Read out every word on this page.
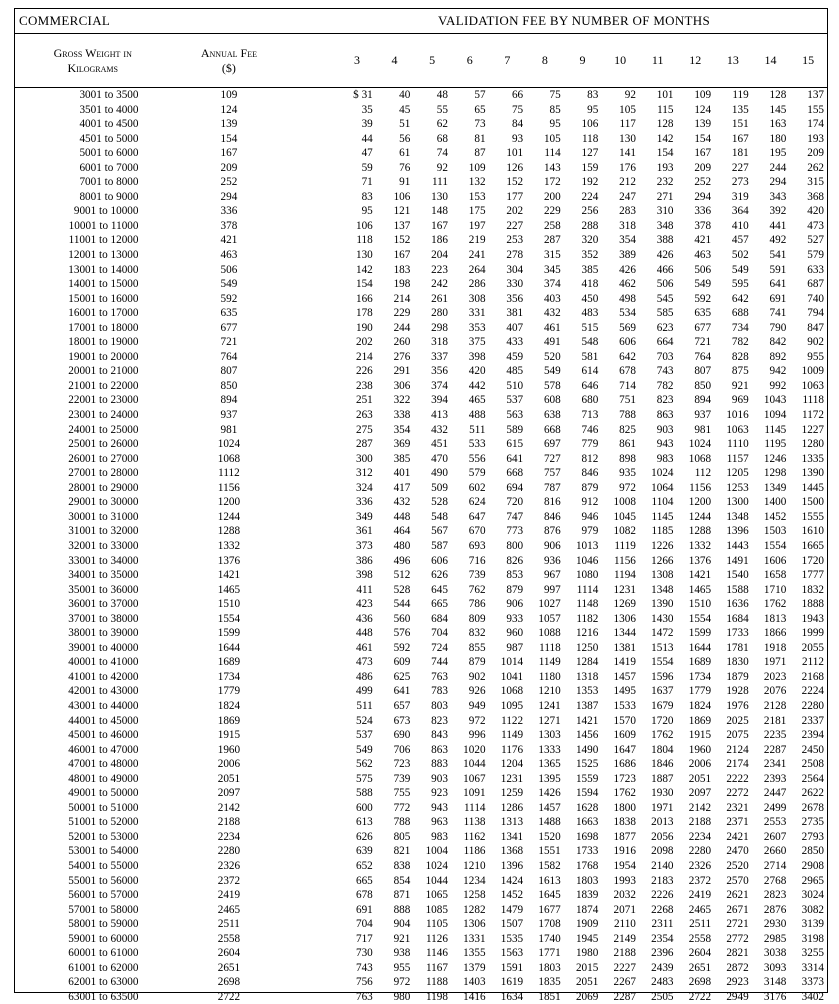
COMMERCIAL	VALIDATION FEE BY NUMBER OF MONTHS
Gross Weight in
Kilograms	Annual Fee
($)		3	4	5	6	7	8	9	10	11	12	13	14	15
3001 to 3500	109		$ 31	40	48	57	66	75	83	92	101	109	119	128	137
3501 to 4000	124		35	45	55	65	75	85	95	105	115	124	135	145	155
4001 to 4500	139		39	51	62	73	84	95	106	117	128	139	151	163	174
4501 to 5000	154		44	56	68	81	93	105	118	130	142	154	167	180	193
5001 to 6000	167		47	61	74	87	101	114	127	141	154	167	181	195	209
6001 to 7000	209		59	76	92	109	126	143	159	176	193	209	227	244	262
7001 to 8000	252		71	91	111	132	152	172	192	212	232	252	273	294	315
8001 to 9000	294		83	106	130	153	177	200	224	247	271	294	319	343	368
9001 to 10000	336		95	121	148	175	202	229	256	283	310	336	364	392	420
10001 to 11000	378		106	137	167	197	227	258	288	318	348	378	410	441	473
11001 to 12000	421		118	152	186	219	253	287	320	354	388	421	457	492	527
12001 to 13000	463		130	167	204	241	278	315	352	389	426	463	502	541	579
13001 to 14000	506		142	183	223	264	304	345	385	426	466	506	549	591	633
14001 to 15000	549		154	198	242	286	330	374	418	462	506	549	595	641	687
15001 to 16000	592		166	214	261	308	356	403	450	498	545	592	642	691	740
16001 to 17000	635		178	229	280	331	381	432	483	534	585	635	688	741	794
17001 to 18000	677		190	244	298	353	407	461	515	569	623	677	734	790	847
18001 to 19000	721		202	260	318	375	433	491	548	606	664	721	782	842	902
19001 to 20000	764		214	276	337	398	459	520	581	642	703	764	828	892	955
20001 to 21000	807		226	291	356	420	485	549	614	678	743	807	875	942	1009
21001 to 22000	850		238	306	374	442	510	578	646	714	782	850	921	992	1063
22001 to 23000	894		251	322	394	465	537	608	680	751	823	894	969	1043	1118
23001 to 24000	937		263	338	413	488	563	638	713	788	863	937	1016	1094	1172
24001 to 25000	981		275	354	432	511	589	668	746	825	903	981	1063	1145	1227
25001 to 26000	1024		287	369	451	533	615	697	779	861	943	1024	1110	1195	1280
26001 to 27000	1068		300	385	470	556	641	727	812	898	983	1068	1157	1246	1335
27001 to 28000	1112		312	401	490	579	668	757	846	935	1024	112	1205	1298	1390
28001 to 29000	1156		324	417	509	602	694	787	879	972	1064	1156	1253	1349	1445
29001 to 30000	1200		336	432	528	624	720	816	912	1008	1104	1200	1300	1400	1500
30001 to 31000	1244		349	448	548	647	747	846	946	1045	1145	1244	1348	1452	1555
31001 to 32000	1288		361	464	567	670	773	876	979	1082	1185	1288	1396	1503	1610
32001 to 33000	1332		373	480	587	693	800	906	1013	1119	1226	1332	1443	1554	1665
33001 to 34000	1376		386	496	606	716	826	936	1046	1156	1266	1376	1491	1606	1720
34001 to 35000	1421		398	512	626	739	853	967	1080	1194	1308	1421	1540	1658	1777
35001 to 36000	1465		411	528	645	762	879	997	1114	1231	1348	1465	1588	1710	1832
36001 to 37000	1510		423	544	665	786	906	1027	1148	1269	1390	1510	1636	1762	1888
37001 to 38000	1554		436	560	684	809	933	1057	1182	1306	1430	1554	1684	1813	1943
38001 to 39000	1599		448	576	704	832	960	1088	1216	1344	1472	1599	1733	1866	1999
39001 to 40000	1644		461	592	724	855	987	1118	1250	1381	1513	1644	1781	1918	2055
40001 to 41000	1689		473	609	744	879	1014	1149	1284	1419	1554	1689	1830	1971	2112
41001 to 42000	1734		486	625	763	902	1041	1180	1318	1457	1596	1734	1879	2023	2168
42001 to 43000	1779		499	641	783	926	1068	1210	1353	1495	1637	1779	1928	2076	2224
43001 to 44000	1824		511	657	803	949	1095	1241	1387	1533	1679	1824	1976	2128	2280
44001 to 45000	1869		524	673	823	972	1122	1271	1421	1570	1720	1869	2025	2181	2337
45001 to 46000	1915		537	690	843	996	1149	1303	1456	1609	1762	1915	2075	2235	2394
46001 to 47000	1960		549	706	863	1020	1176	1333	1490	1647	1804	1960	2124	2287	2450
47001 to 48000	2006		562	723	883	1044	1204	1365	1525	1686	1846	2006	2174	2341	2508
48001 to 49000	2051		575	739	903	1067	1231	1395	1559	1723	1887	2051	2222	2393	2564
49001 to 50000	2097		588	755	923	1091	1259	1426	1594	1762	1930	2097	2272	2447	2622
50001 to 51000	2142		600	772	943	1114	1286	1457	1628	1800	1971	2142	2321	2499	2678
51001 to 52000	2188		613	788	963	1138	1313	1488	1663	1838	2013	2188	2371	2553	2735
52001 to 53000	2234		626	805	983	1162	1341	1520	1698	1877	2056	2234	2421	2607	2793
53001 to 54000	2280		639	821	1004	1186	1368	1551	1733	1916	2098	2280	2470	2660	2850
54001 to 55000	2326		652	838	1024	1210	1396	1582	1768	1954	2140	2326	2520	2714	2908
55001 to 56000	2372		665	854	1044	1234	1424	1613	1803	1993	2183	2372	2570	2768	2965
56001 to 57000	2419		678	871	1065	1258	1452	1645	1839	2032	2226	2419	2621	2823	3024
57001 to 58000	2465		691	888	1085	1282	1479	1677	1874	2071	2268	2465	2671	2876	3082
58001 to 59000	2511		704	904	1105	1306	1507	1708	1909	2110	2311	2511	2721	2930	3139
59001 to 60000	2558		717	921	1126	1331	1535	1740	1945	2149	2354	2558	2772	2985	3198
60001 to 61000	2604		730	938	1146	1355	1563	1771	1980	2188	2396	2604	2821	3038	3255
61001 to 62000	2651		743	955	1167	1379	1591	1803	2015	2227	2439	2651	2872	3093	3314
62001 to 63000	2698		756	972	1188	1403	1619	1835	2051	2267	2483	2698	2923	3148	3373
63001 to 63500	2722		763	980	1198	1416	1634	1851	2069	2287	2505	2722	2949	3176	3402
